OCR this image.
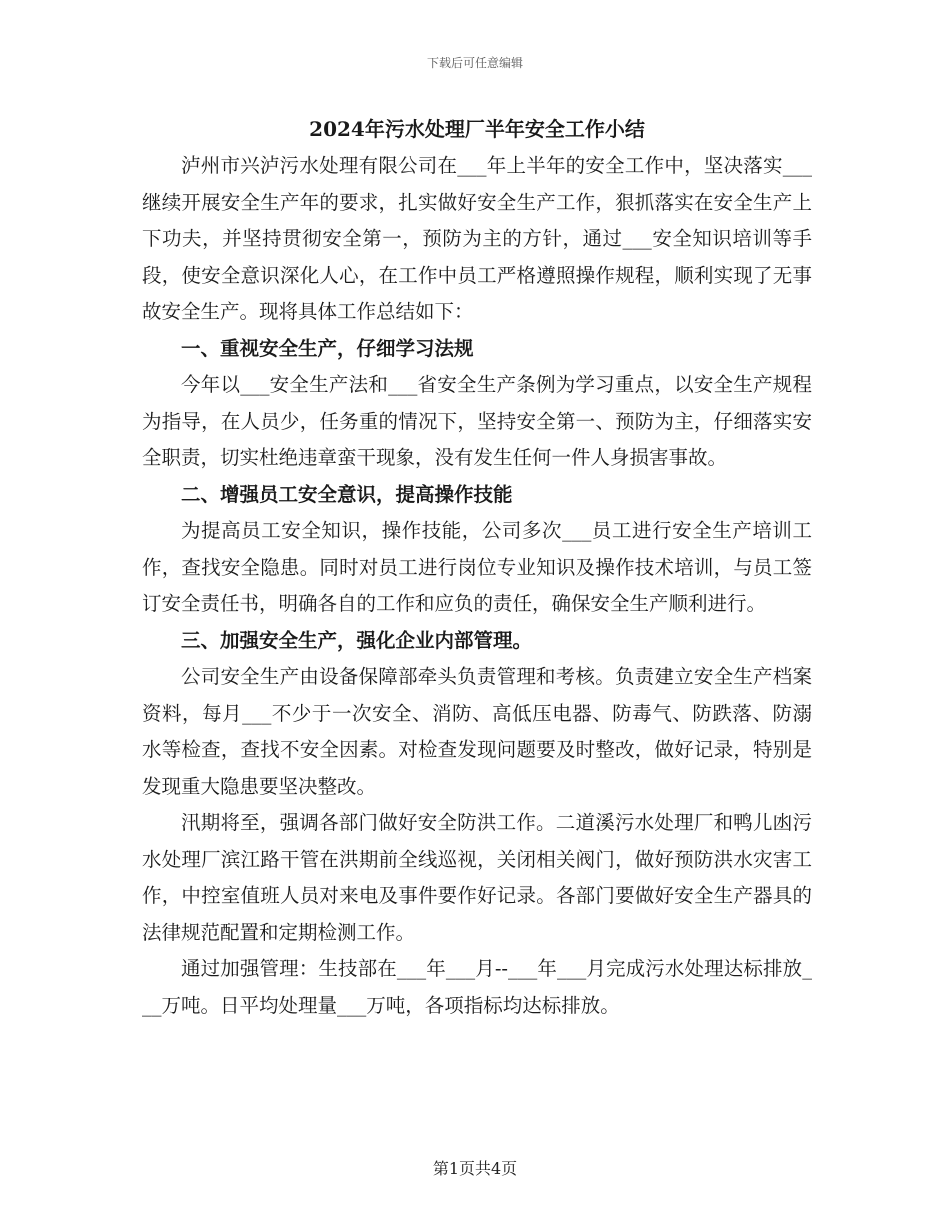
下载后可任意编辑
2024年污水处理厂半年安全工作小结

泸州市兴泸污水处理有限公司在___年上半年的安全工作中，坚决落实___继续开展安全生产年的要求，扎实做好安全生产工作，狠抓落实在安全生产上下功夫，并坚持贯彻安全第一，预防为主的方针，通过___安全知识培训等手段，使安全意识深化人心，在工作中员工严格遵照操作规程，顺利实现了无事故安全生产。现将具体工作总结如下：

一、重视安全生产，仔细学习法规

今年以___安全生产法和___省安全生产条例为学习重点，以安全生产规程为指导，在人员少，任务重的情况下，坚持安全第一、预防为主，仔细落实安全职责，切实杜绝违章蛮干现象，没有发生任何一件人身损害事故。

二、增强员工安全意识，提高操作技能

为提高员工安全知识，操作技能，公司多次___员工进行安全生产培训工作，查找安全隐患。同时对员工进行岗位专业知识及操作技术培训，与员工签订安全责任书，明确各自的工作和应负的责任，确保安全生产顺利进行。

三、加强安全生产，强化企业内部管理。

公司安全生产由设备保障部牵头负责管理和考核。负责建立安全生产档案资料，每月___不少于一次安全、消防、高低压电器、防毒气、防跌落、防溺水等检查，查找不安全因素。对检查发现问题要及时整改，做好记录，特别是发现重大隐患要坚决整改。

汛期将至，强调各部门做好安全防洪工作。二道溪污水处理厂和鸭儿凼污水处理厂滨江路干管在洪期前全线巡视，关闭相关阀门，做好预防洪水灾害工作，中控室值班人员对来电及事件要作好记录。各部门要做好安全生产器具的法律规范配置和定期检测工作。

通过加强管理：生技部在___年___月--___年___月完成污水处理达标排放___万吨。日平均处理量___万吨，各项指标均达标排放。

第1页共4页
